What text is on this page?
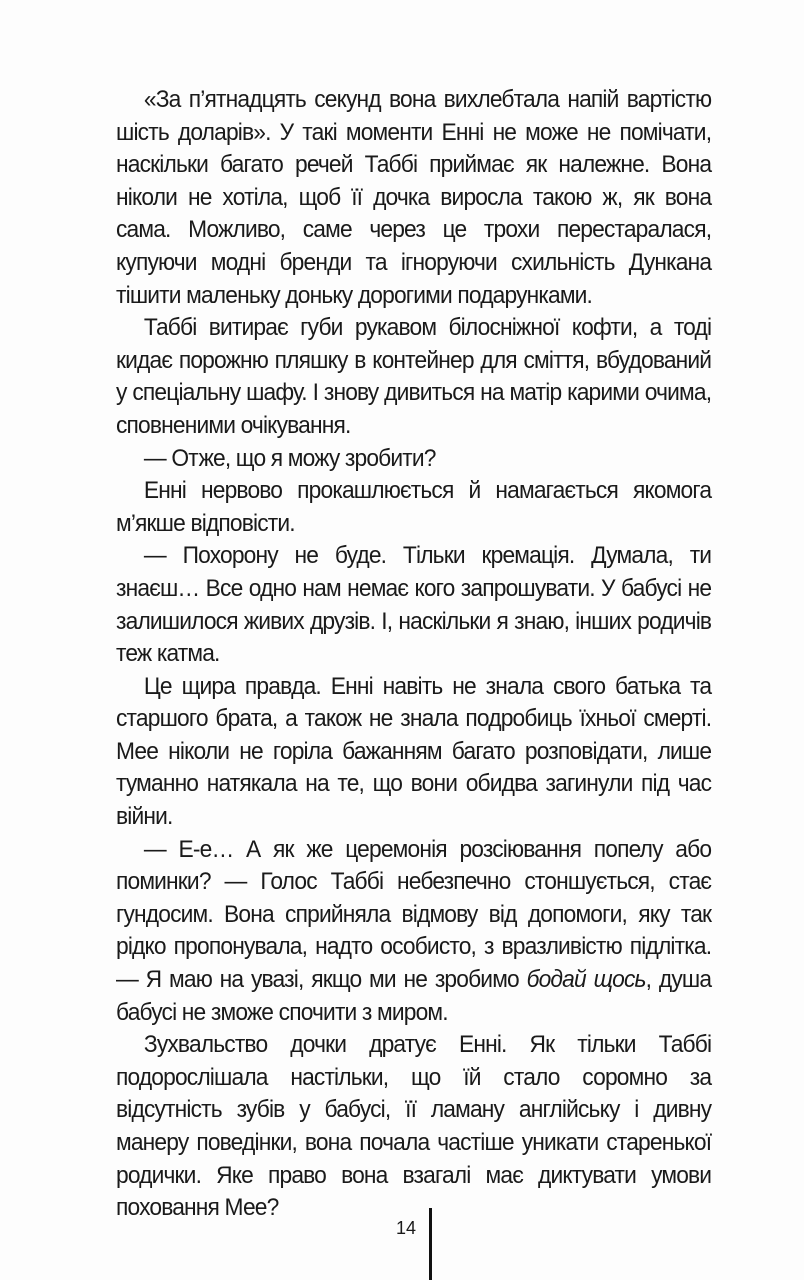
«За п’ятнадцять секунд вона вихлебтала напій вартістю шість доларів». У такі моменти Енні не може не помічати, наскільки багато речей Таббі приймає як належне. Вона ніколи не хотіла, щоб її дочка виросла такою ж, як вона сама. Можливо, саме через це трохи перестаралася, купуючи модні бренди та ігноруючи схильність Дункана тішити маленьку доньку дорогими подарунками.

Таббі витирає губи рукавом білосніжної кофти, а тоді кидає порожню пляшку в контейнер для сміття, вбудований у спеціальну шафу. І знову дивиться на матір карими очима, сповненими очікування.

— Отже, що я можу зробити?

Енні нервово прокашлюється й намагається якомога м’якше відповісти.

— Похорону не буде. Тільки кремація. Думала, ти знаєш… Все одно нам немає кого запрошувати. У бабусі не залишилося живих друзів. І, наскільки я знаю, інших родичів теж катма.

Це щира правда. Енні навіть не знала свого батька та старшого брата, а також не знала подробиць їхньої смерті. Мее ніколи не горіла бажанням багато розповідати, лише туманно натякала на те, що вони обидва загинули під час війни.

— Е-е… А як же церемонія розсіювання попелу або поминки? — Голос Таббі небезпечно стоншується, стає гундосим. Вона сприйняла відмову від допомоги, яку так рідко пропонувала, надто особисто, з вразливістю підлітка. — Я маю на увазі, якщо ми не зробимо бодай щось, душа бабусі не зможе спочити з миром.

Зухвальство дочки дратує Енні. Як тільки Таббі подорослішала настільки, що їй стало соромно за відсутність зубів у бабусі, її ламану англійську і дивну манеру поведінки, вона почала частіше уникати старенької родички. Яке право вона взагалі має диктувати умови поховання Мее?

14
